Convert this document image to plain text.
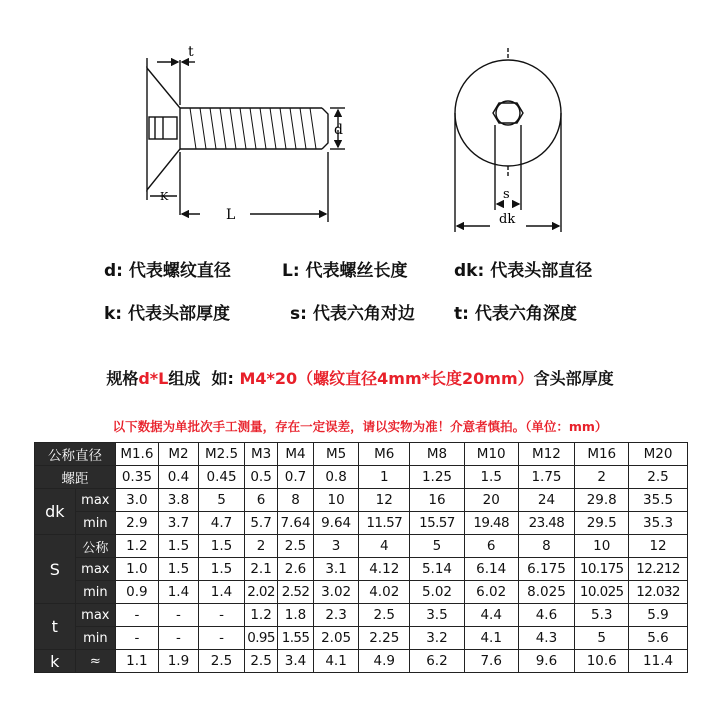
t
d
K
L
s
dk
d: 代表螺纹直径	L: 代表螺丝长度	dk: 代表头部直径
k: 代表头部厚度	s: 代表六角对边 t: 代表六角深度
规格d*L组成  如: M4*20（螺纹直径4mm*长度20mm）含头部厚度
以下数据为单批次手工测量，存在一定误差，请以实物为准！介意者慎拍。（单位：mm）
公称直径		M1.6	M2	M2.5	M3	M4	M5	M6	M8	M10	M12	M16	M20
螺距		0.35	0.4	0.45	0.5	0.7	0.8	1	1.25	1.5	1.75	2	2.5
dk	max	3.0	3.8	5	6	8	10	12	16	20	24	29.8	35.5
	min	2.9	3.7	4.7	5.7	7.64	9.64	11.57	15.57	19.48	23.48	29.5	35.3
S	公称	1.2	1.5	1.5	2	2.5	3	4	5	6	8	10	12
	max	1.0	1.5	1.5	2.1	2.6	3.1	4.12	5.14	6.14	6.175	10.175	12.212
	min	0.9	1.4	1.4	2.02	2.52	3.02	4.02	5.02	6.02	8.025	10.025	12.032
t	max	-	-	-	1.2	1.8	2.3	2.5	3.5	4.4	4.6	5.3	5.9
	min	-	-	-	0.95	1.55	2.05	2.25	3.2	4.1	4.3	5	5.6
k	≈	1.1	1.9	2.5	2.5	3.4	4.1	4.9	6.2	7.6	9.6	10.6	11.4
